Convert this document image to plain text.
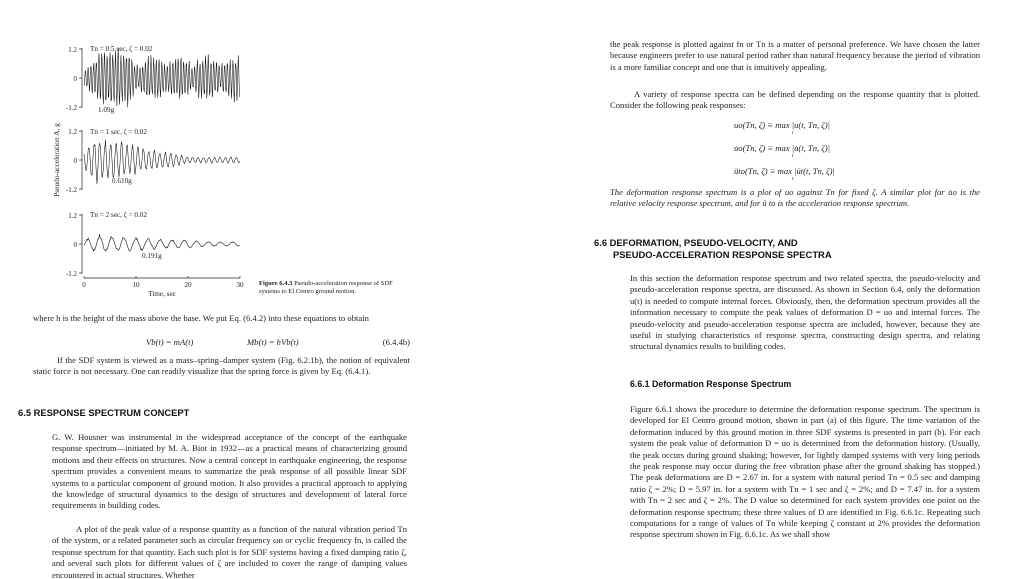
Pseudo-acceleration A, g
Tn = 0.5 sec, ζ = 0.02
1.2
0
-1.2	1.09g
Tn = 1 sec, ζ = 0.02
1.2
0
-1.2
0.610g
Tn = 2 sec, ζ = 0.02
1.2
0
-1.2
0.191g
0	10	20	30
Time, sec
Figure 6.4.3 Pseudo-acceleration response of SDF systems to El Centro ground motion.
where h is the height of the mass above the base. We put Eq. (6.4.2) into these equations to obtain
Vb(t) = mA(t)	Mb(t) = hVb(t)	(6.4.4b)
If the SDF system is viewed as a mass–spring–damper system (Fig. 6.2.1b), the notion of equivalent static force is not necessary. One can readily visualize that the spring force is given by Eq. (6.4.1).
6.5 RESPONSE SPECTRUM CONCEPT
G. W. Housner was instrumental in the widespread acceptance of the concept of the earthquake response spectrum—initiated by M. A. Biot in 1932—as a practical means of characterizing ground motions and their effects on structures. Now a central concept in earthquake engineering, the response spectrum provides a convenient means to summarize the peak response of all possible linear SDF systems to a particular component of ground motion. It also provides a practical approach to applying the knowledge of structural dynamics to the design of structures and development of lateral force requirements in building codes.
A plot of the peak value of a response quantity as a function of the natural vibration period Tn of the system, or a related parameter such as circular frequency ωn or cyclic frequency fn, is called the response spectrum for that quantity. Each such plot is for SDF systems having a fixed damping ratio ζ, and several such plots for different values of ζ are included to cover the range of damping values encountered in actual structures. Whether
the peak response is plotted against fn or Tn is a matter of personal preference. We have chosen the latter because engineers prefer to use natural period rather than natural frequency because the period of vibration is a more familiar concept and one that is intuitively appealing.
A variety of response spectra can be defined depending on the response quantity that is plotted. Consider the following peak responses:
uo(Tn, ζ) ≡ max |u(t, Tn, ζ)|
t
u̇o(Tn, ζ) ≡ max |u̇(t, Tn, ζ)|
t
üto(Tn, ζ) ≡ max |üt(t, Tn, ζ)|
t
The deformation response spectrum is a plot of uo against Tn for fixed ζ. A similar plot for u̇o is the relative velocity response spectrum, and for ü to is the acceleration response spectrum.
6.6 DEFORMATION, PSEUDO-VELOCITY, AND
PSEUDO-ACCELERATION RESPONSE SPECTRA
In this section the deformation response spectrum and two related spectra, the pseudo-velocity and pseudo-acceleration response spectra, are discussed. As shown in Section 6.4, only the deformation u(t) is needed to compute internal forces. Obviously, then, the deformation spectrum provides all the information necessary to compute the peak values of deformation D = uo and internal forces. The pseudo-velocity and pseudo-acceleration response spectra are included, however, because they are useful in studying characteristics of response spectra, constructing design spectra, and relating structural dynamics results to building codes.
6.6.1 Deformation Response Spectrum
Figure 6.6.1 shows the procedure to determine the deformation response spectrum. The spectrum is developed for El Centro ground motion, shown in part (a) of this figure. The time variation of the deformation induced by this ground motion in three SDF systems is presented in part (b). For each system the peak value of deformation D = uo is determined from the deformation history. (Usually, the peak occurs during ground shaking; however, for lightly damped systems with very long periods the peak response may occur during the free vibration phase after the ground shaking has stopped.) The peak deformations are D = 2.67 in. for a system with natural period Tn = 0.5 sec and damping ratio ζ = 2%; D = 5.97 in. for a system with Tn = 1 sec and ζ = 2%; and D = 7.47 in. for a system with Tn = 2 sec and ζ = 2%. The D value so determined for each system provides one point on the deformation response spectrum; these three values of D are identified in Fig. 6.6.1c. Repeating such computations for a range of values of Tn while keeping ζ constant at 2% provides the deformation response spectrum shown in Fig. 6.6.1c. As we shall show
